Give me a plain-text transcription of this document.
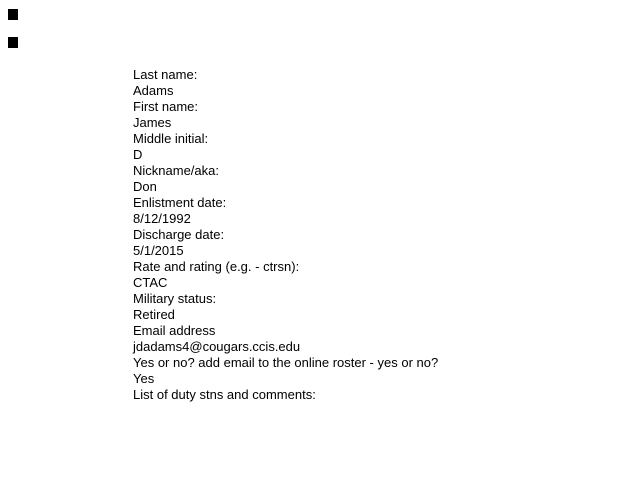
Last name:
Adams
First name:
James
Middle initial:
D
Nickname/aka:
Don
Enlistment date:
8/12/1992
Discharge date:
5/1/2015
Rate and rating (e.g. - ctrsn):
CTAC
Military status:
Retired
Email address
jdadams4@cougars.ccis.edu
Yes or no? add email to the online roster - yes or no?
Yes
List of duty stns and comments:
